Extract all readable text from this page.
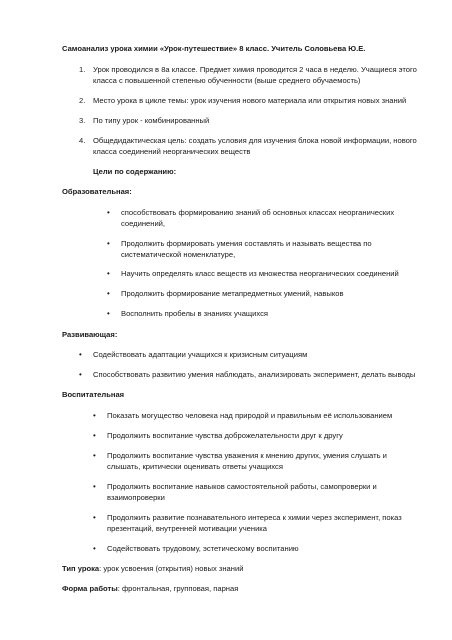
Самоанализ урока химии «Урок-путешествие» 8 класс. Учитель Соловьева Ю.Е.
1. Урок проводился в 8а классе. Предмет химия проводится 2 часа в неделю. Учащиеся этого
класса с повышенной степенью обученности (выше среднего обучаемость)
2. Место урока в цикле темы: урок изучения нового материала или открытия новых знаний
3. По типу урок - комбинированный
4. Общедидактическая цель: создать условия для изучения блока новой информации, нового
класса соединений неорганических веществ
Цели по содержанию:
Образовательная:
• способствовать формированию знаний об основных классах неорганических
соединений,
• Продолжить формировать умения составлять и называть вещества по
систематической номенклатуре,
• Научить определять класс веществ из множества неорганических соединений
• Продолжить формирование метапредметных умений, навыков
• Восполнить пробелы в знаниях учащихся
Развивающая:
• Содействовать адаптации учащихся к кризисным ситуациям
• Способствовать развитию умения наблюдать, анализировать эксперимент, делать выводы
Воспитательная
• Показать могущество человека над природой и правильным её использованием
• Продолжить воспитание чувства доброжелательности друг к другу
• Продолжить воспитание чувства уважения к мнению других, умения слушать и
слышать, критически оценивать ответы учащихся
• Продолжить воспитание навыков самостоятельной работы, самопроверки и
взаимопроверки
• Продолжить развитие познавательного интереса к химии через эксперимент, показ
презентаций, внутренней мотивации ученика
• Содействовать трудовому, эстетическому воспитанию
Тип урока: урок усвоения (открытия) новых знаний
Форма работы: фронтальная, групповая, парная
